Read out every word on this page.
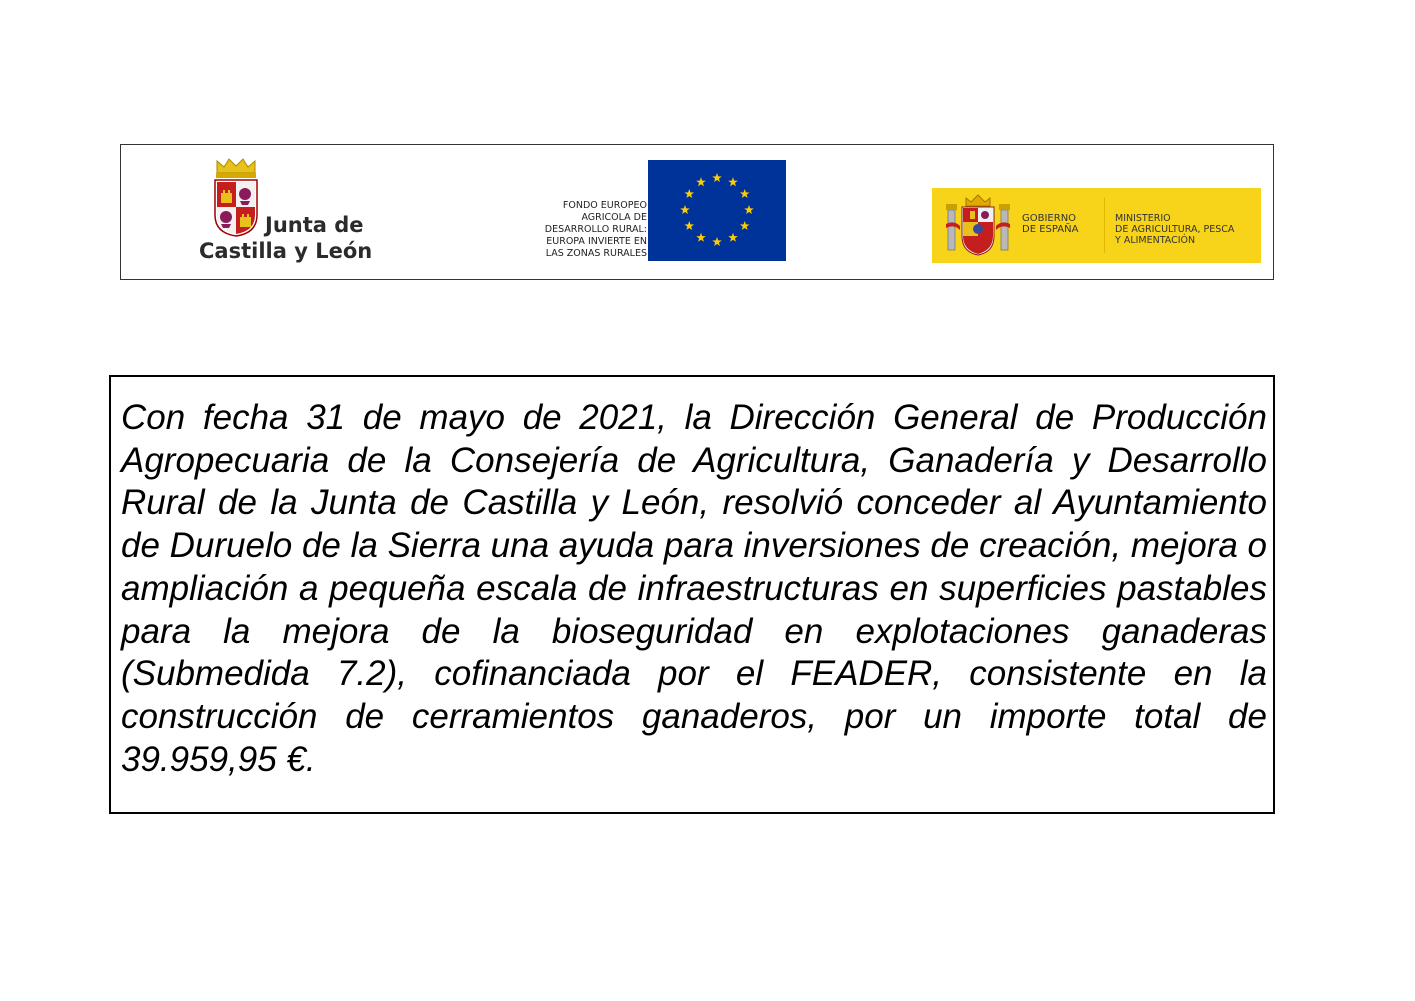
Junta de
Castilla y León
FONDO EUROPEO
AGRICOLA DE
DESARROLLO RURAL:
EUROPA INVIERTE EN
LAS ZONAS RURALES
GOBIERNO
DE ESPAÑA
MINISTERIO
DE AGRICULTURA, PESCA
Y ALIMENTACIÓN

Con fecha 31 de mayo de 2021, la Dirección General de Producción Agropecuaria de la Consejería de Agricultura, Ganadería y Desarrollo Rural de la Junta de Castilla y León, resolvió conceder al Ayuntamiento de Duruelo de la Sierra una ayuda para inversiones de creación, mejora o ampliación a pequeña escala de infraestructuras en superficies pastables para la mejora de la bioseguridad en explotaciones ganaderas (Submedida 7.2), cofinanciada por el FEADER, consistente en la construcción de cerramientos ganaderos, por un importe total de 39.959,95 €.
